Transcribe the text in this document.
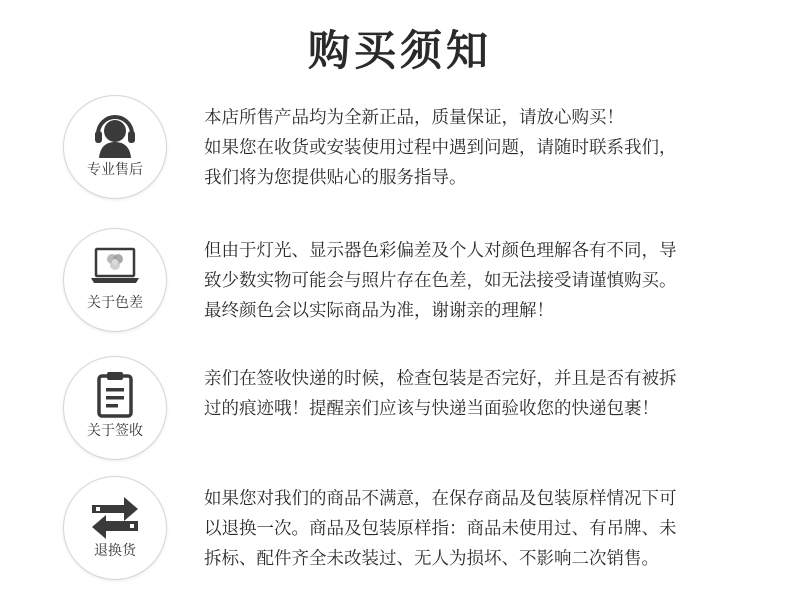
购买须知
专业售后

本店所售产品均为全新正品，质量保证，请放心购买！

如果您在收货或安装使用过程中遇到问题，请随时联系我们，

我们将为您提供贴心的服务指导。

关于色差

但由于灯光、显示器色彩偏差及个人对颜色理解各有不同，导

致少数实物可能会与照片存在色差，如无法接受请谨慎购买。

最终颜色会以实际商品为准，谢谢亲的理解！

关于签收

亲们在签收快递的时候，检查包装是否完好，并且是否有被拆

过的痕迹哦！提醒亲们应该与快递当面验收您的快递包裹！

退换货

如果您对我们的商品不满意，在保存商品及包装原样情况下可

以退换一次。商品及包装原样指：商品未使用过、有吊牌、未

拆标、配件齐全未改装过、无人为损坏、不影响二次销售。
